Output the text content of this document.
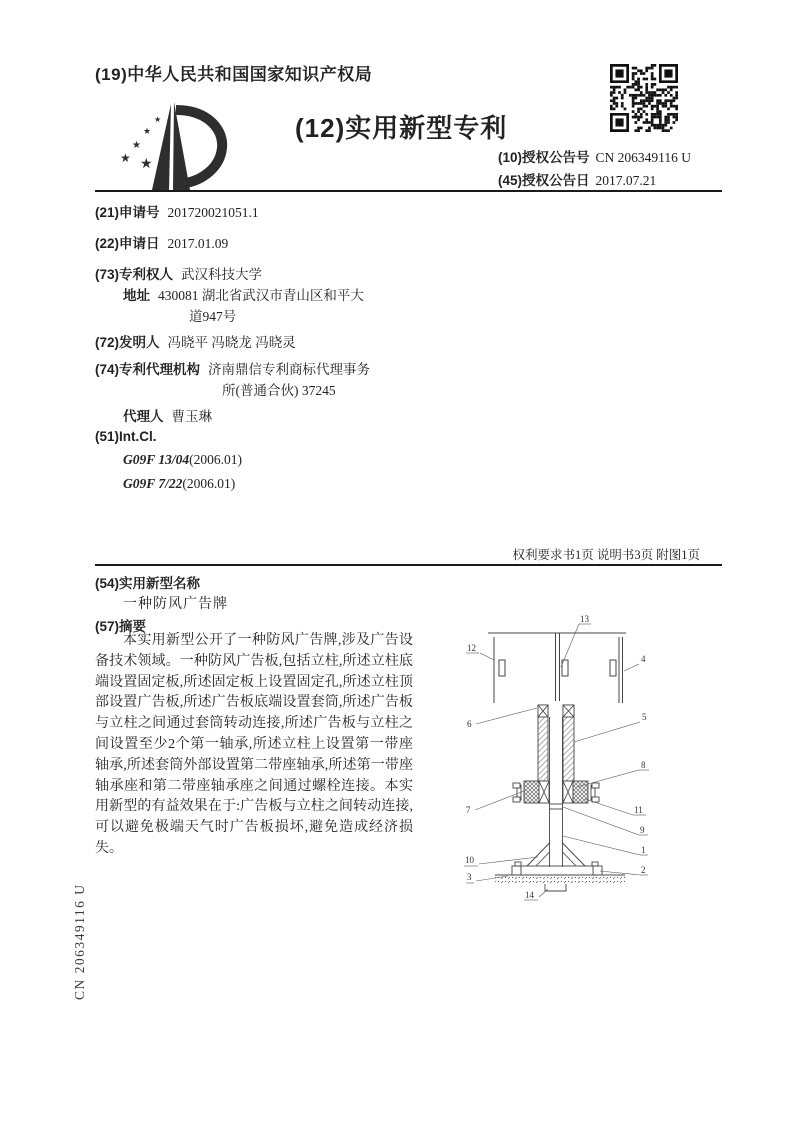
(19)中华人民共和国国家知识产权局
★
★
★
★
★
(12)实用新型专利
(10)授权公告号 CN 206349116 U
(45)授权公告日 2017.07.21
(21)申请号 201720021051.1
(22)申请日 2017.01.09
(73)专利权人 武汉科技大学
地址 430081 湖北省武汉市青山区和平大
道947号
(72)发明人 冯晓平 冯晓龙 冯晓灵
(74)专利代理机构 济南鼎信专利商标代理事务
所(普通合伙) 37245
代理人 曹玉琳
(51)Int.Cl.
G09F 13/04(2006.01)
G09F 7/22(2006.01)
权利要求书1页 说明书3页 附图1页
(54)实用新型名称
一种防风广告牌
(57)摘要
本实用新型公开了一种防风广告牌,涉及广告设备技术领域。一种防风广告板,包括立柱,所述立柱底端设置固定板,所述固定板上设置固定孔,所述立柱顶部设置广告板,所述广告板底端设置套筒,所述广告板与立柱之间通过套筒转动连接,所述广告板与立柱之间设置至少2个第一轴承,所述立柱上设置第一带座轴承,所述套筒外部设置第二带座轴承,所述第一带座轴承座和第二带座轴承座之间通过螺栓连接。本实用新型的有益效果在于:广告板与立柱之间转动连接,可以避免极端天气时广告板损坏,避免造成经济损失。
13
12
4
6
5
8
7	11
9
1
10
2
3
14
CN 206349116 U
